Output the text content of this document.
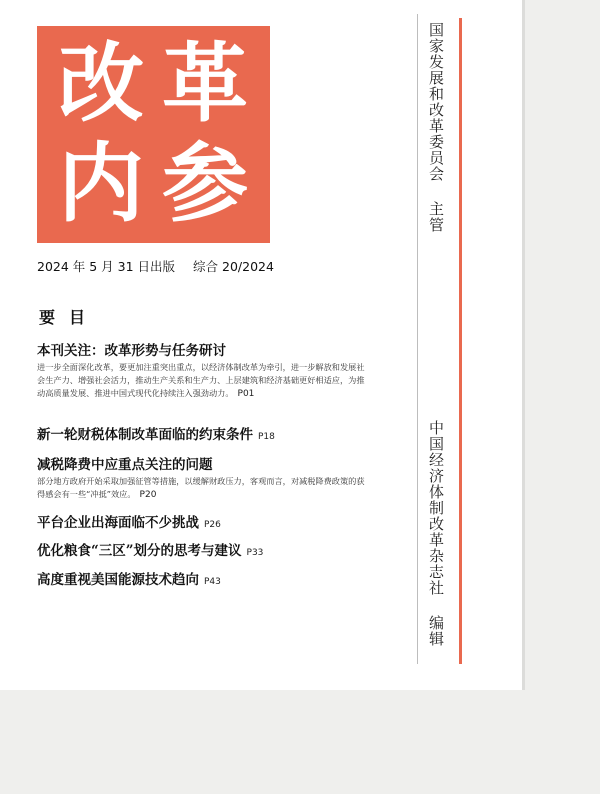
改 革
内 参
2024 年 5 月 31 日出版 综合 20/2024
要目
本刊关注：改革形势与任务研讨
进一步全面深化改革，要更加注重突出重点，以经济体制改革为牵引，进一步解放和发展社会生产力、增强社会活力，推动生产关系和生产力、上层建筑和经济基础更好相适应，为推动高质量发展、推进中国式现代化持续注入强劲动力。 P01
新一轮财税体制改革面临的约束条件 P18
减税降费中应重点关注的问题
部分地方政府开始采取加强征管等措施，以缓解财政压力，客观而言，对减税降费政策的获得感会有一些“冲抵”效应。 P20
平台企业出海面临不少挑战 P26
优化粮食“三区”划分的思考与建议 P33
高度重视美国能源技术趋向 P43
国家发展和改革委员会 主管
中国经济体制改革杂志社 编辑
